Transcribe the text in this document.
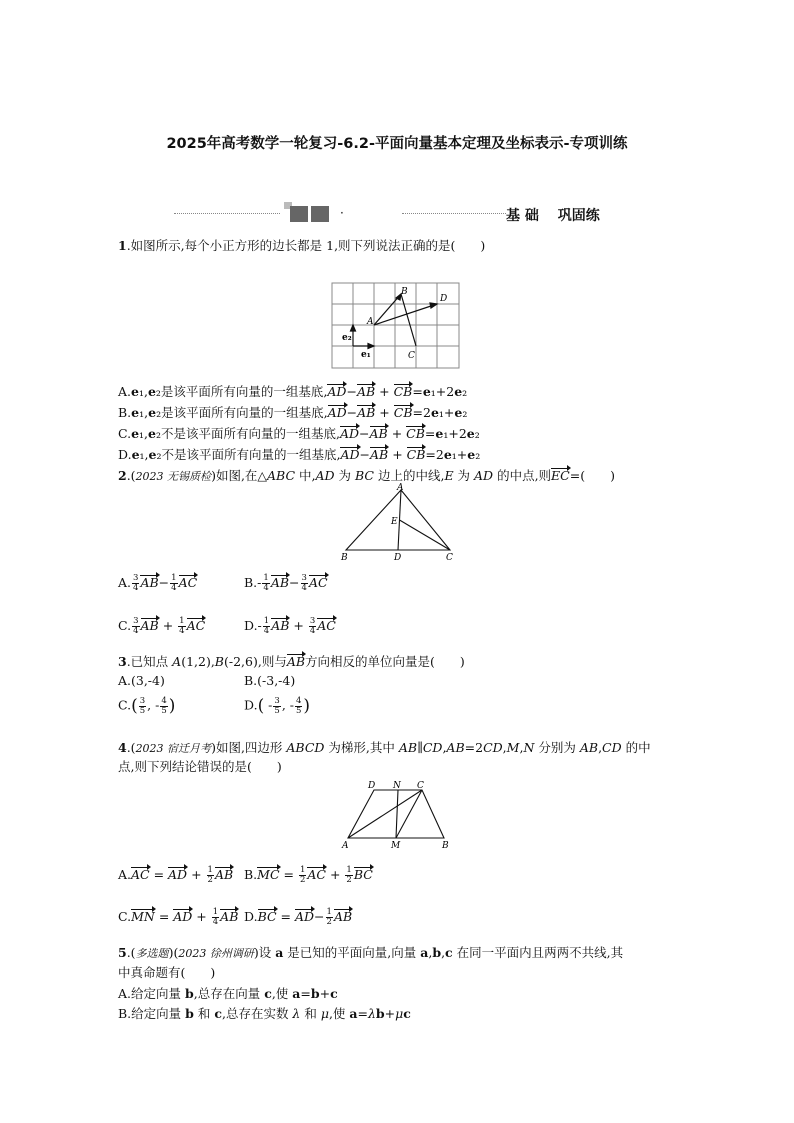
2025年高考数学一轮复习-6.2-平面向量基本定理及坐标表示-专项训练
·	基 础　 巩固练
1.如图所示,每个小正方形的边长都是 1,则下列说法正确的是(　　)
A
B
D
C
e₂
e₁
A.e₁,e₂是该平面所有向量的一组基底,AD−AB + CB=e₁+2e₂
B.e₁,e₂是该平面所有向量的一组基底,AD−AB + CB=2e₁+e₂
C.e₁,e₂不是该平面所有向量的一组基底,AD−AB + CB=e₁+2e₂
D.e₁,e₂不是该平面所有向量的一组基底,AD−AB + CB=2e₁+e₂
2.(2023 无锡质检)如图,在△ABC 中,AD 为 BC 边上的中线,E 为 AD 的中点,则EC=(　　)
A
B	D	C
E
A. $\frac{3}{4} AB- \frac{1}{4}$ AC	$B.- \frac{1}{4} AB- \frac{3}{4}$ AC
C. $\frac{3}{4}$ AB + $\frac{1}{4}$ AC	$D.- \frac{1}{4}$ AB + $\frac{3}{4}$ AC
3.已知点 A(1,2),B(-2,6),则与AB方向相反的单位向量是(　　)
A.(3,-4)	B.(-3,-4)
$C.( \frac{3}{5}$ , - $\frac{4}{5}$ )	$D.( - \frac{3}{5}$ , - $\frac{4}{5}$ )
4.(2023 宿迁月考)如图,四边形 ABCD 为梯形,其中 AB∥CD,AB=2CD,M,N 分别为 AB,CD 的中
点,则下列结论错误的是(　　)
D N C
A	M	B
A.AC = AD + $\frac{1}{2}$ AB $B.MC = \frac{1}{2}$ AC + $\frac{1}{2}$ BC
C.MN = AD + $\frac{1}{4}$ AB $D.BC = AD- \frac{1}{2}$ AB
5.(多选题)(2023 徐州调研)设 a 是已知的平面向量,向量 a,b,c 在同一平面内且两两不共线,其
中真命题有(　　)
A.给定向量 b,总存在向量 c,使 a=b+c
B.给定向量 b 和 c,总存在实数 λ 和 μ,使 a=λb+μc
